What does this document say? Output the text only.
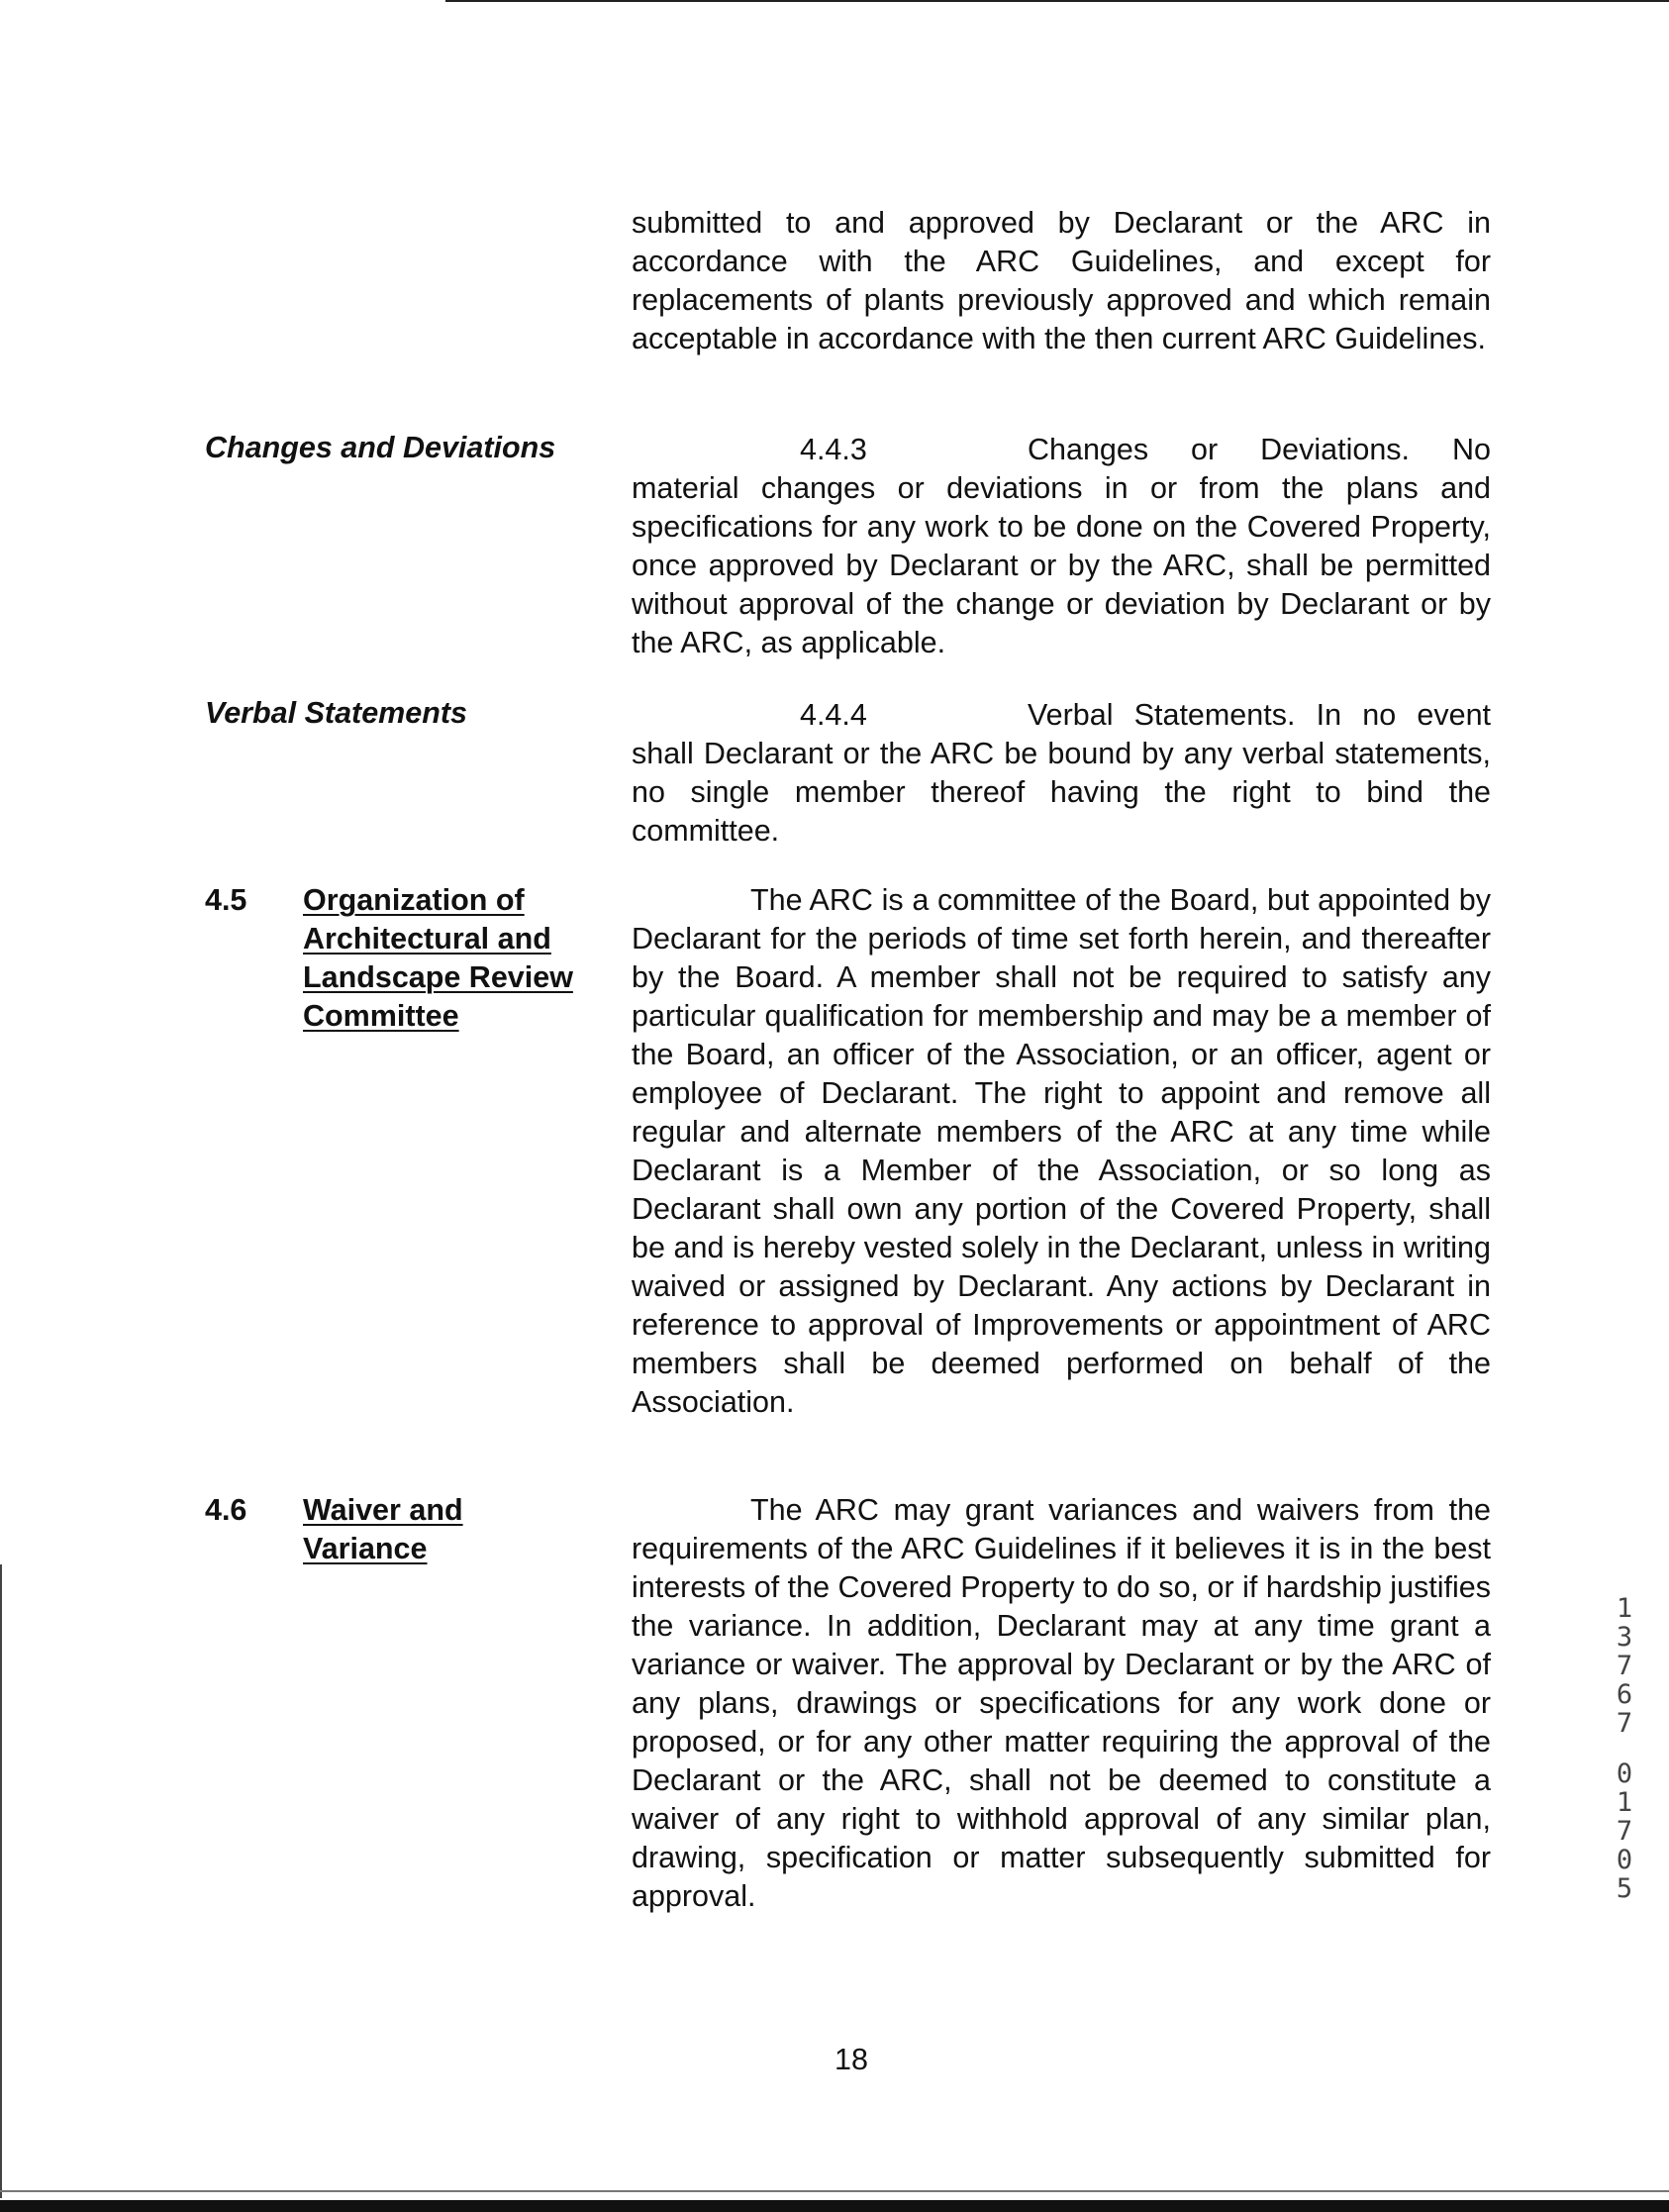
submitted to and approved by Declarant or the ARC in accordance with the ARC Guidelines, and except for replacements of plants previously approved and which remain acceptable in accordance with the then current ARC Guidelines.

Changes and Deviations	4.4.3	Changes or Deviations. No material changes or deviations in or from the plans and specifications for any work to be done on the Covered Property, once approved by Declarant or by the ARC, shall be permitted without approval of the change or deviation by Declarant or by the ARC, as applicable.

Verbal Statements	4.4.4	Verbal Statements. In no event shall Declarant or the ARC be bound by any verbal statements, no single member thereof having the right to bind the committee.

4.5 Organization of
Architectural and
Landscape Review
Committee

The ARC is a committee of the Board, but appointed by Declarant for the periods of time set forth herein, and thereafter by the Board. A member shall not be required to satisfy any particular qualification for membership and may be a member of the Board, an officer of the Association, or an officer, agent or employee of Declarant. The right to appoint and remove all regular and alternate members of the ARC at any time while Declarant is a Member of the Association, or so long as Declarant shall own any portion of the Covered Property, shall be and is hereby vested solely in the Declarant, unless in writing waived or assigned by Declarant. Any actions by Declarant in reference to approval of Improvements or appointment of ARC members shall be deemed performed on behalf of the Association.

4.6 Waiver and
Variance

The ARC may grant variances and waivers from the requirements of the ARC Guidelines if it believes it is in the best interests of the Covered Property to do so, or if hardship justifies the variance. In addition, Declarant may at any time grant a variance or waiver. The approval by Declarant or by the ARC of any plans, drawings or specifications for any work done or proposed, or for any other matter requiring the approval of the Declarant or the ARC, shall not be deemed to constitute a waiver of any right to withhold approval of any similar plan, drawing, specification or matter subsequently submitted for approval.

18
1
3
7
6
7
0
1
7
0
5
